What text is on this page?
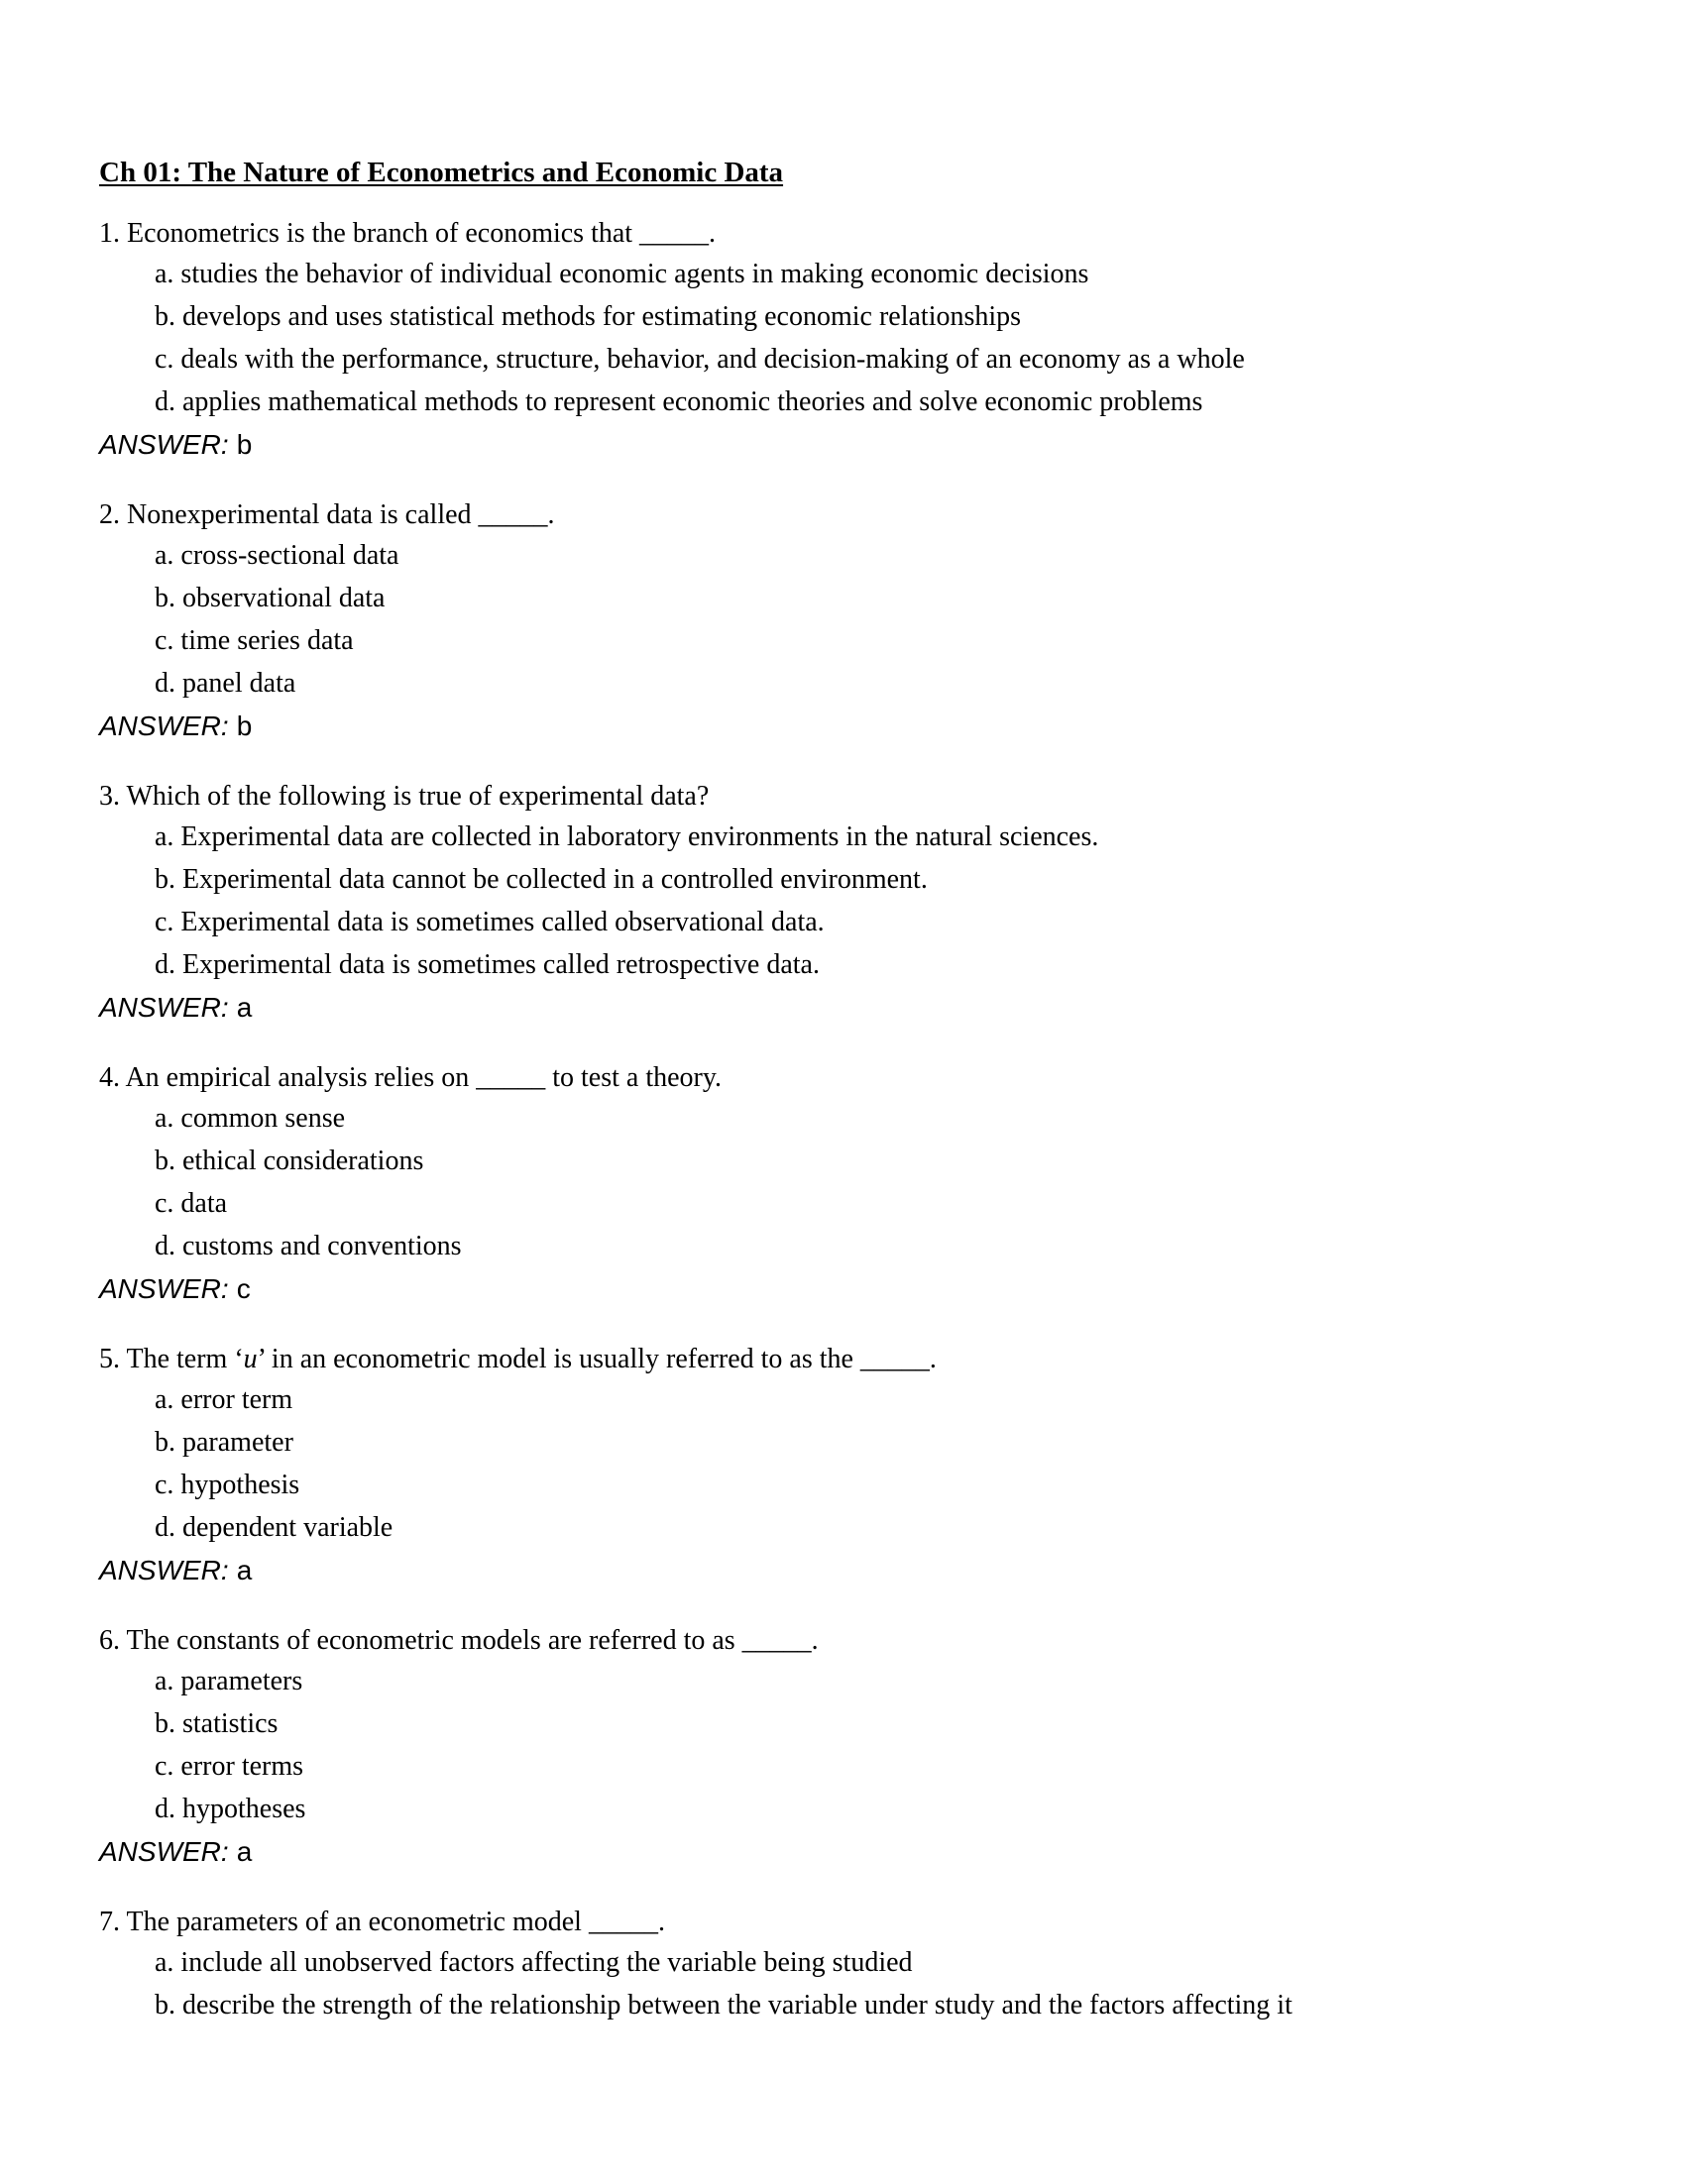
Ch 01: The Nature of Econometrics and Economic Data
1. Econometrics is the branch of economics that _____.
a. studies the behavior of individual economic agents in making economic decisions
b. develops and uses statistical methods for estimating economic relationships
c. deals with the performance, structure, behavior, and decision-making of an economy as a whole
d. applies mathematical methods to represent economic theories and solve economic problems
ANSWER: b
2. Nonexperimental data is called _____.
a. cross-sectional data
b. observational data
c. time series data
d. panel data
ANSWER: b
3. Which of the following is true of experimental data?
a. Experimental data are collected in laboratory environments in the natural sciences.
b. Experimental data cannot be collected in a controlled environment.
c. Experimental data is sometimes called observational data.
d. Experimental data is sometimes called retrospective data.
ANSWER: a
4. An empirical analysis relies on _____ to test a theory.
a. common sense
b. ethical considerations
c. data
d. customs and conventions
ANSWER: c
5. The term ‘u’ in an econometric model is usually referred to as the _____.
a. error term
b. parameter
c. hypothesis
d. dependent variable
ANSWER: a
6. The constants of econometric models are referred to as _____.
a. parameters
b. statistics
c. error terms
d. hypotheses
ANSWER: a
7. The parameters of an econometric model _____.
a. include all unobserved factors affecting the variable being studied
b. describe the strength of the relationship between the variable under study and the factors affecting it
